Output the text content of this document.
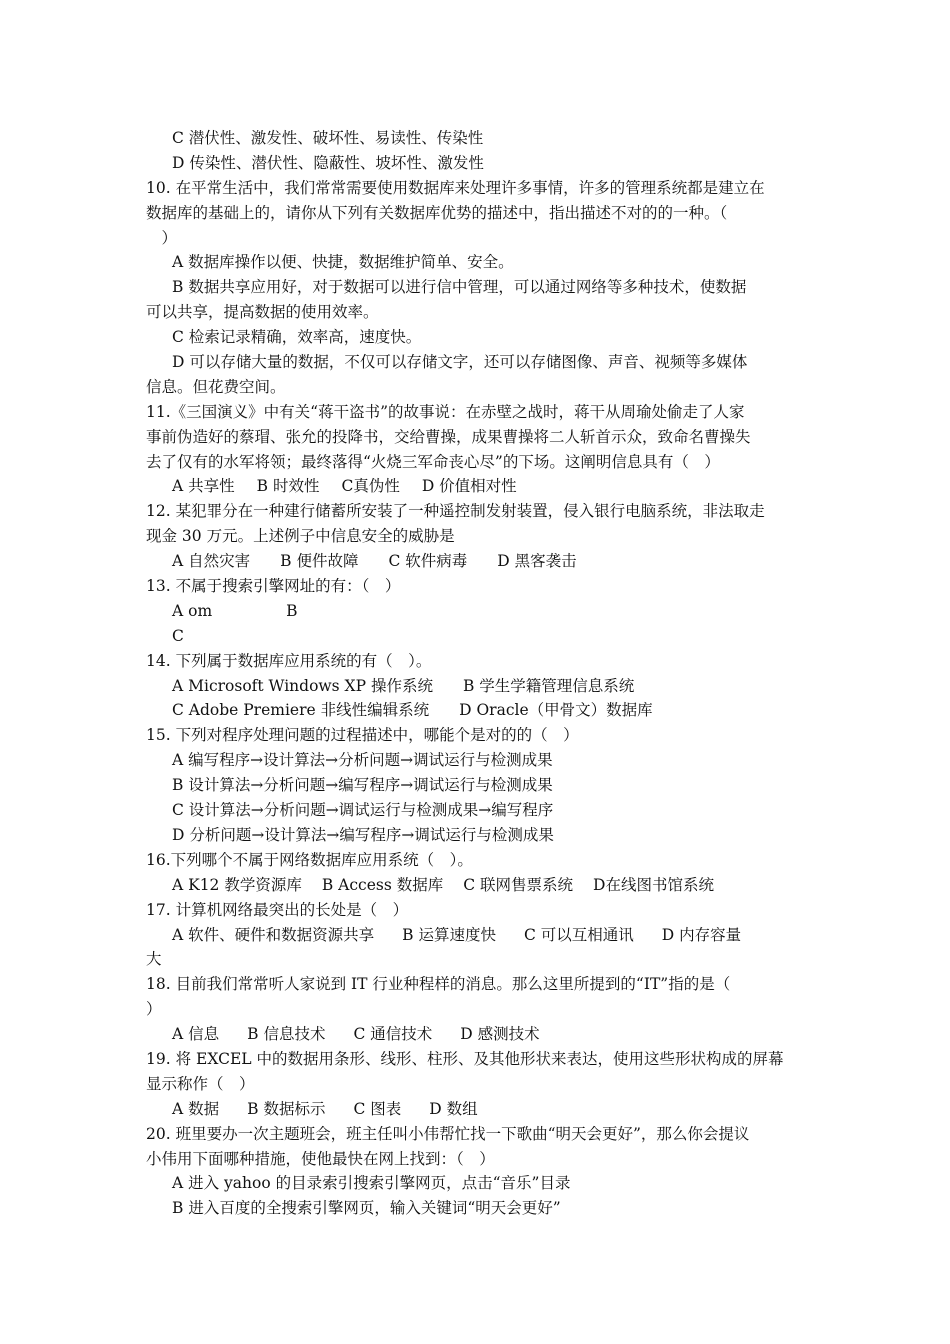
C 潜伏性、激发性、破坏性、易读性、传染性
D 传染性、潜伏性、隐蔽性、坡坏性、激发性
10. 在平常生活中，我们常常需要使用数据库来处理许多事情，许多的管理系统都是建立在
数据库的基础上的，请你从下列有关数据库优势的描述中，指出描述不对的的一种。（
　）
A 数据库操作以便、快捷，数据维护简单、安全。
B 数据共享应用好，对于数据可以进行信中管理，可以通过网络等多种技术，使数据
可以共享，提高数据的使用效率。
C 检索记录精确，效率高，速度快。
D 可以存储大量的数据，不仅可以存储文字，还可以存储图像、声音、视频等多媒体
信息。但花费空间。
11.《三国演义》中有关“蒋干盗书”的故事说：在赤壁之战时，蒋干从周瑜处偷走了人家
事前伪造好的蔡瑁、张允的投降书，交给曹操，成果曹操将二人斩首示众，致命名曹操失
去了仅有的水军将领；最终落得“火烧三军命丧心尽”的下场。这阐明信息具有（　）
A 共享性 B 时效性 C真伪性 D 价值相对性
12. 某犯罪分在一种建行储蓄所安装了一种遥控制发射装置，侵入银行电脑系统，非法取走
现金 30 万元。上述例子中信息安全的威胁是
A 自然灾害 B 便件故障 C 软件病毒 D 黑客袭击
13. 不属于搜索引擎网址的有：（　）
A om	B
C
14. 下列属于数据库应用系统的有（　）。
A Microsoft Windows XP 操作系统 B 学生学籍管理信息系统
C Adobe Premiere 非线性编辑系统 D Oracle（甲骨文）数据库
15. 下列对程序处理问题的过程描述中，哪能个是对的的（　）
A 编写程序→设计算法→分析问题→调试运行与检测成果
B 设计算法→分析问题→编写程序→调试运行与检测成果
C 设计算法→分析问题→调试运行与检测成果→编写程序
D 分析问题→设计算法→编写程序→调试运行与检测成果
16.下列哪个不属于网络数据库应用系统（　）。
A K12 教学资源库 B Access 数据库 C 联网售票系统 D在线图书馆系统
17. 计算机网络最突出的长处是（　）
A 软件、硬件和数据资源共享 B 运算速度快 C 可以互相通讯 D 内存容量
大
18. 目前我们常常听人家说到 IT 行业种程样的消息。那么这里所提到的“IT”指的是（
）
A 信息 B 信息技术 C 通信技术 D 感测技术
19. 将 EXCEL 中的数据用条形、线形、柱形、及其他形状来表达，使用这些形状构成的屏幕
显示称作（　）
A 数据 B 数据标示 C 图表 D 数组
20. 班里要办一次主题班会，班主任叫小伟帮忙找一下歌曲“明天会更好”，那么你会提议
小伟用下面哪种措施，使他最快在网上找到：（　）
A 进入 yahoo 的目录索引搜索引擎网页，点击“音乐”目录
B 进入百度的全搜索引擎网页，输入关键词“明天会更好”
